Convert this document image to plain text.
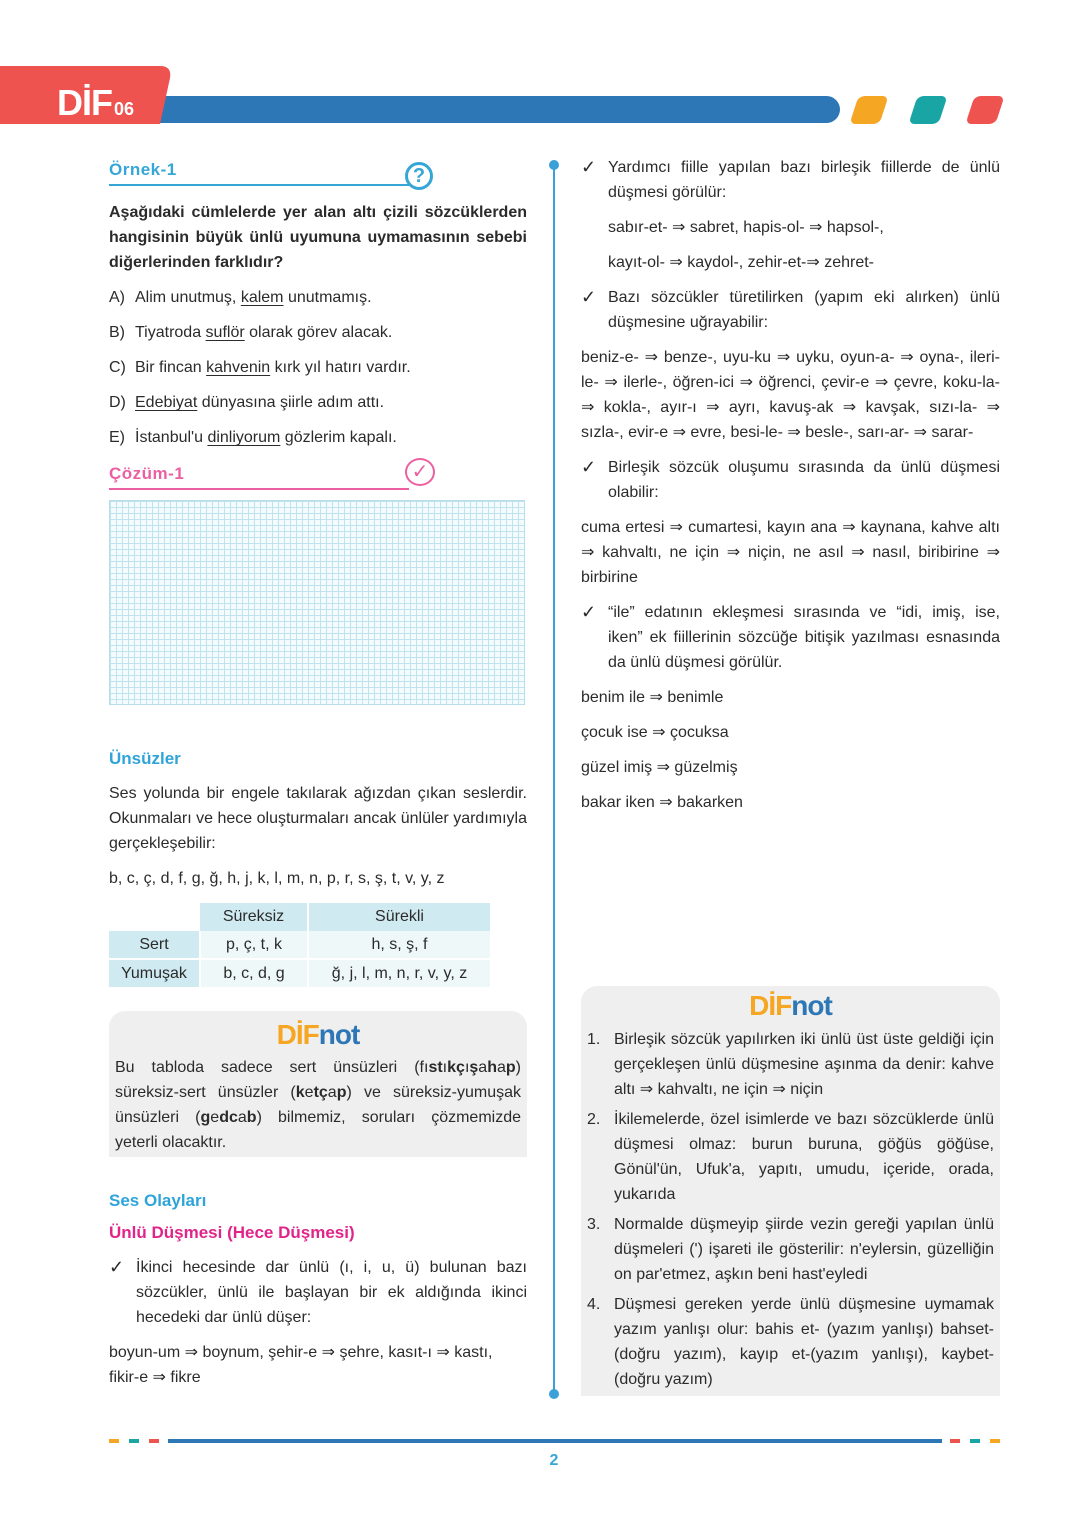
DİF 06
Örnek-1	?

Aşağıdaki cümlelerde yer alan altı çizili sözcüklerden hangisinin büyük ünlü uyumuna uymamasının sebebi diğerlerinden farklıdır?

A) Alim unutmuş, kalem unutmamış.
B) Tiyatroda suflör olarak görev alacak.
C) Bir fincan kahvenin kırk yıl hatırı vardır.
D) Edebiyat dünyasına şiirle adım attı.
E) İstanbul'u dinliyorum gözlerim kapalı.
Çözüm-1	✓
Ünsüzler

Ses yolunda bir engele takılarak ağızdan çıkan seslerdir. Okunmaları ve hece oluşturmaları ancak ünlüler yardımıyla gerçekleşebilir:

b, c, ç, d, f, g, ğ, h, j, k, l, m, n, p, r, s, ş, t, v, y, z

	Süreksiz	Sürekli
Sert	p, ç, t, k	h, s, ş, f
Yumuşak	b, c, d, g	ğ, j, l, m, n, r, v, y, z
DİFnot

Bu tabloda sadece sert ünsüzleri (fıstıkçışahap) süreksiz-sert ünsüzler (ketçap) ve süreksiz-yumuşak ünsüzleri (gedcab) bilmemiz, soruları çözmemizde yeterli olacaktır.

Ses Olayları
Ünlü Düşmesi (Hece Düşmesi)
✓ İkinci hecesinde dar ünlü (ı, i, u, ü) bulunan bazı sözcükler, ünlü ile başlayan bir ek aldığında ikinci hecedeki dar ünlü düşer:

boyun-um ⇒ boynum, şehir-e ⇒ şehre, kasıt-ı ⇒ kastı, fikir-e ⇒ fikre

✓ Yardımcı fiille yapılan bazı birleşik fiillerde de ünlü düşmesi görülür:

sabır-et- ⇒ sabret, hapis-ol- ⇒ hapsol-,

kayıt-ol- ⇒ kaydol-, zehir-et-⇒ zehret-

✓ Bazı sözcükler türetilirken (yapım eki alırken) ünlü düşmesine uğrayabilir:

beniz-e- ⇒ benze-, uyu-ku ⇒ uyku, oyun-a- ⇒ oyna-, ileri-le- ⇒ ilerle-, öğren-ici ⇒ öğrenci, çevir-e ⇒ çevre, koku-la- ⇒ kokla-, ayır-ı ⇒ ayrı, kavuş-ak ⇒ kavşak, sızı-la- ⇒ sızla-, evir-e ⇒ evre, besi-le- ⇒ besle-, sarı-ar- ⇒ sarar-

✓ Birleşik sözcük oluşumu sırasında da ünlü düşmesi olabilir:

cuma ertesi ⇒ cumartesi, kayın ana ⇒ kaynana, kahve altı ⇒ kahvaltı, ne için ⇒ niçin, ne asıl ⇒ nasıl, biribirine ⇒ birbirine

✓ “ile” edatının ekleşmesi sırasında ve “idi, imiş, ise, iken” ek fiillerinin sözcüğe bitişik yazılması esnasında da ünlü düşmesi görülür.

benim ile ⇒ benimle

çocuk ise ⇒ çocuksa

güzel imiş ⇒ güzelmiş

bakar iken ⇒ bakarken

DİFnot
1. Birleşik sözcük yapılırken iki ünlü üst üste geldiği için gerçekleşen ünlü düşmesine aşınma da denir: kahve altı ⇒ kahvaltı, ne için ⇒ niçin
2. İkilemelerde, özel isimlerde ve bazı sözcüklerde ünlü düşmesi olmaz: burun buruna, göğüs göğüse, Gönül'ün, Ufuk'a, yapıtı, umudu, içeride, orada, yukarıda
3. Normalde düşmeyip şiirde vezin gereği yapılan ünlü düşmeleri (') işareti ile gösterilir: n'eylersin, güzelliğin on par'etmez, aşkın beni hast'eyledi
4. Düşmesi gereken yerde ünlü düşmesine uymamak yazım yanlışı olur: bahis et- (yazım yanlışı) bahset-(doğru yazım), kayıp et-(yazım yanlışı), kaybet-(doğru yazım)
2
